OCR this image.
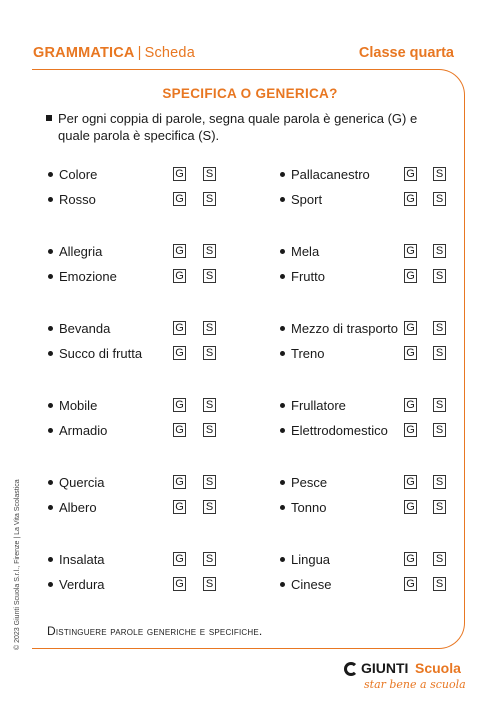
GRAMMATICA | Scheda	Classe quarta
SPECIFICA O GENERICA?
Per ogni coppia di parole, segna quale parola è generica (G) e
quale parola è specifica (S).
Colore	G S
Rosso	G S
Allegria	G S
Emozione	G S
Bevanda	G S
Succo di frutta	G S
Mobile	G S
Armadio	G S
Quercia	G S
Albero	G S
Insalata	G S
Verdura	G S
Pallacanestro	G S
Sport	G S
Mela	G S
Frutto	G S
Mezzo di trasporto G S
Treno	G S
Frullatore	G S
Elettrodomestico G S
Pesce	G S
Tonno	G S
Lingua	G S
Cinese	G S
Distinguere parole generiche e specifiche.
© 2023 Giunti Scuola S.r.l., Firenze | La Vita Scolastica
GIUNTI Scuola
star bene a scuola
